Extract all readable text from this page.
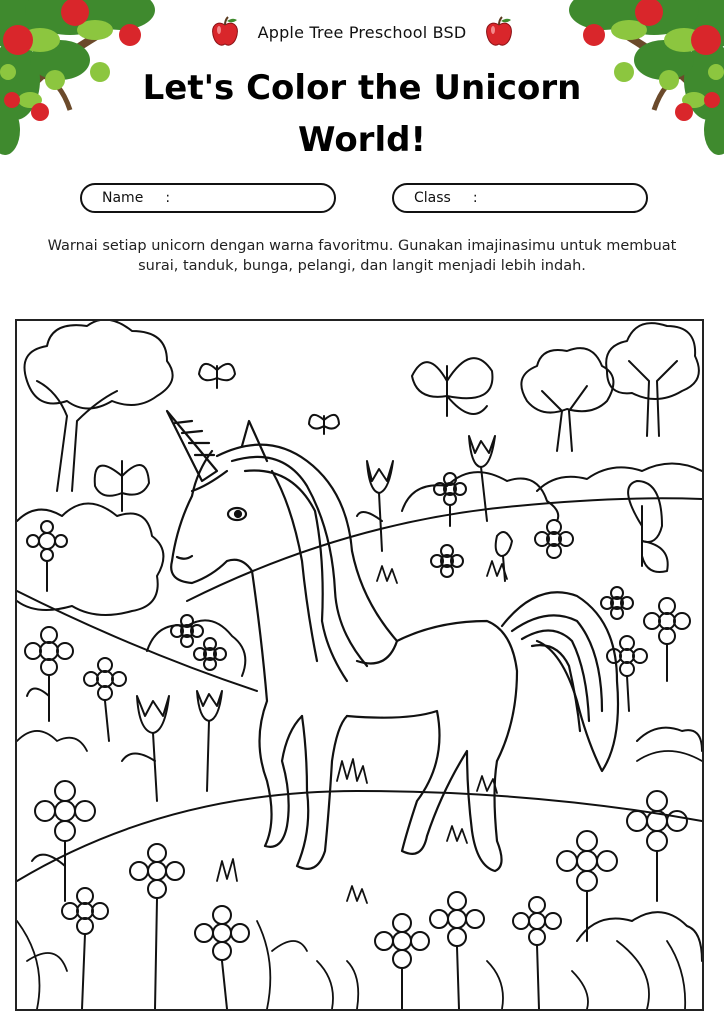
Apple Tree Preschool BSD
Let's Color the Unicorn World!
Name :	Class :
Warnai setiap unicorn dengan warna favoritmu. Gunakan imajinasimu untuk membuat surai, tanduk, bunga, pelangi, dan langit menjadi lebih indah.
